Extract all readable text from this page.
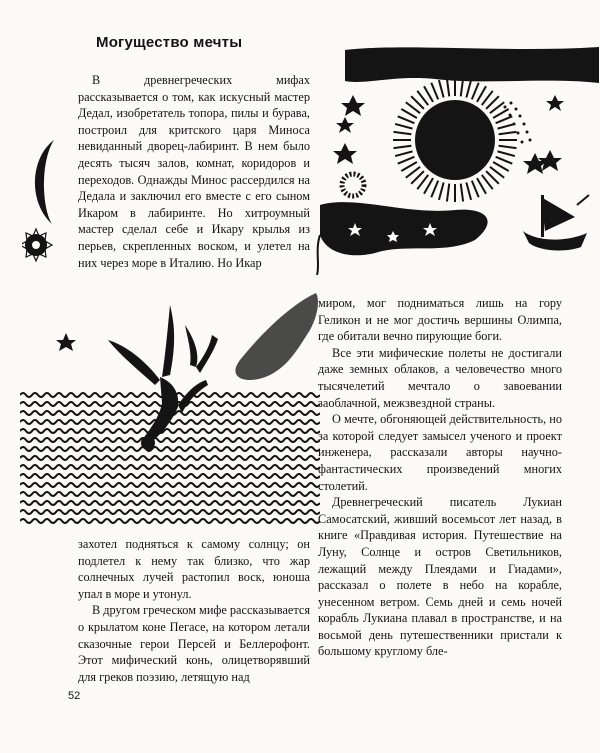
Могущество мечты

В древнегреческих мифах рассказывается о том, как искусный мастер Дедал, изобретатель топора, пилы и бурава, построил для критского царя Миноса невиданный дворец-лабиринт. В нем было десять тысяч залов, комнат, коридоров и переходов. Однажды Минос рассердился на Дедала и заключил его вместе с его сыном Икаром в лабиринте. Но хитроумный мастер сделал себе и Икару крылья из перьев, скрепленных воском, и улетел на них через море в Италию. Но Икар

миром, мог подниматься лишь на гору Геликон и не мог достичь вершины Олимпа, где обитали вечно пирующие боги.

Все эти мифические полеты не достигали даже земных облаков, а человечество много тысячелетий мечтало о завоевании заоблачной, межзвездной страны.

О мечте, обгоняющей действительность, но за которой следует замысел ученого и проект инженера, рассказали авторы научно-фантастических произведений многих столетий.

Древнегреческий писатель Лукиан Самосатский, живший восемьсот лет назад, в книге «Правдивая история. Путешествие на Луну, Солнце и остров Светильников, лежащий между Плеядами и Гиадами», рассказал о полете в небо на корабле, унесенном ветром. Семь дней и семь ночей корабль Лукиана плавал в пространстве, и на восьмой день путешественники пристали к большому круглому бле-

захотел подняться к самому солнцу; он подлетел к нему так близко, что жар солнечных лучей растопил воск, юноша упал в море и утонул.

В другом греческом мифе рассказывается о крылатом коне Пегасе, на котором летали сказочные герои Персей и Беллерофонт. Этот мифический конь, олицетворявший для греков поэзию, летящую над

52
